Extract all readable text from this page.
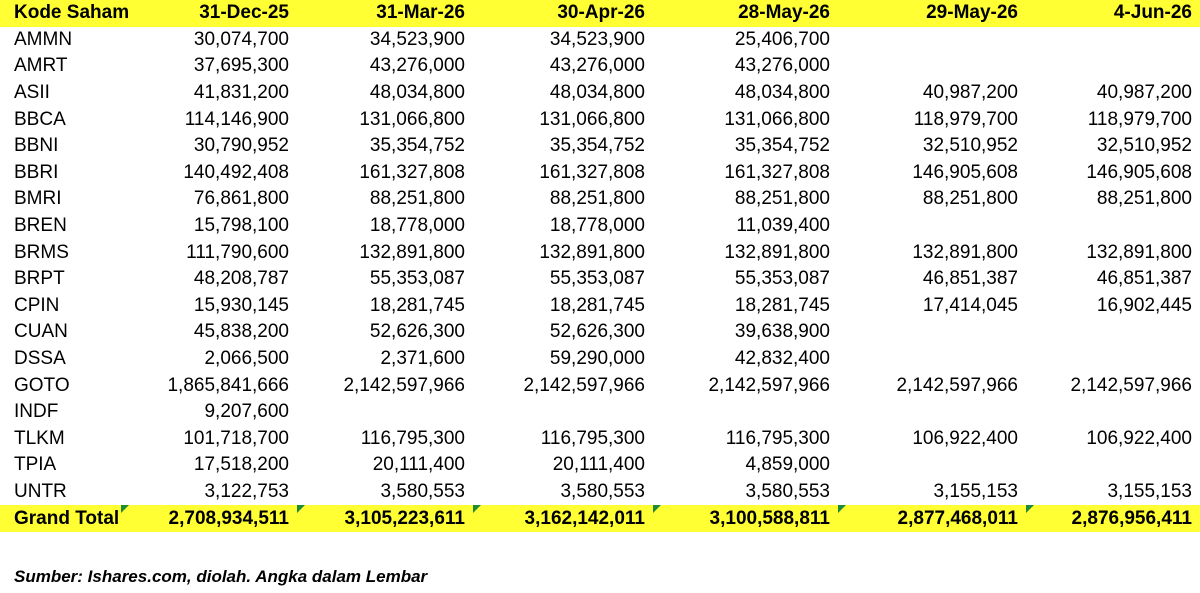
Kode Saham	31-Dec-25	31-Mar-26	30-Apr-26	28-May-26	29-May-26	4-Jun-26
AMMN	30,074,700	34,523,900	34,523,900	25,406,700		
AMRT	37,695,300	43,276,000	43,276,000	43,276,000		
ASII	41,831,200	48,034,800	48,034,800	48,034,800	40,987,200	40,987,200
BBCA	114,146,900	131,066,800	131,066,800	131,066,800	118,979,700	118,979,700
BBNI	30,790,952	35,354,752	35,354,752	35,354,752	32,510,952	32,510,952
BBRI	140,492,408	161,327,808	161,327,808	161,327,808	146,905,608	146,905,608
BMRI	76,861,800	88,251,800	88,251,800	88,251,800	88,251,800	88,251,800
BREN	15,798,100	18,778,000	18,778,000	11,039,400		
BRMS	111,790,600	132,891,800	132,891,800	132,891,800	132,891,800	132,891,800
BRPT	48,208,787	55,353,087	55,353,087	55,353,087	46,851,387	46,851,387
CPIN	15,930,145	18,281,745	18,281,745	18,281,745	17,414,045	16,902,445
CUAN	45,838,200	52,626,300	52,626,300	39,638,900		
DSSA	2,066,500	2,371,600	59,290,000	42,832,400		
GOTO	1,865,841,666	2,142,597,966	2,142,597,966	2,142,597,966	2,142,597,966	2,142,597,966
INDF	9,207,600					
TLKM	101,718,700	116,795,300	116,795,300	116,795,300	106,922,400	106,922,400
TPIA	17,518,200	20,111,400	20,111,400	4,859,000		
UNTR	3,122,753	3,580,553	3,580,553	3,580,553	3,155,153	3,155,153
Grand Total	2,708,934,511	3,105,223,611	3,162,142,011	3,100,588,811	2,877,468,011	2,876,956,411
Sumber: Ishares.com, diolah. Angka dalam Lembar
